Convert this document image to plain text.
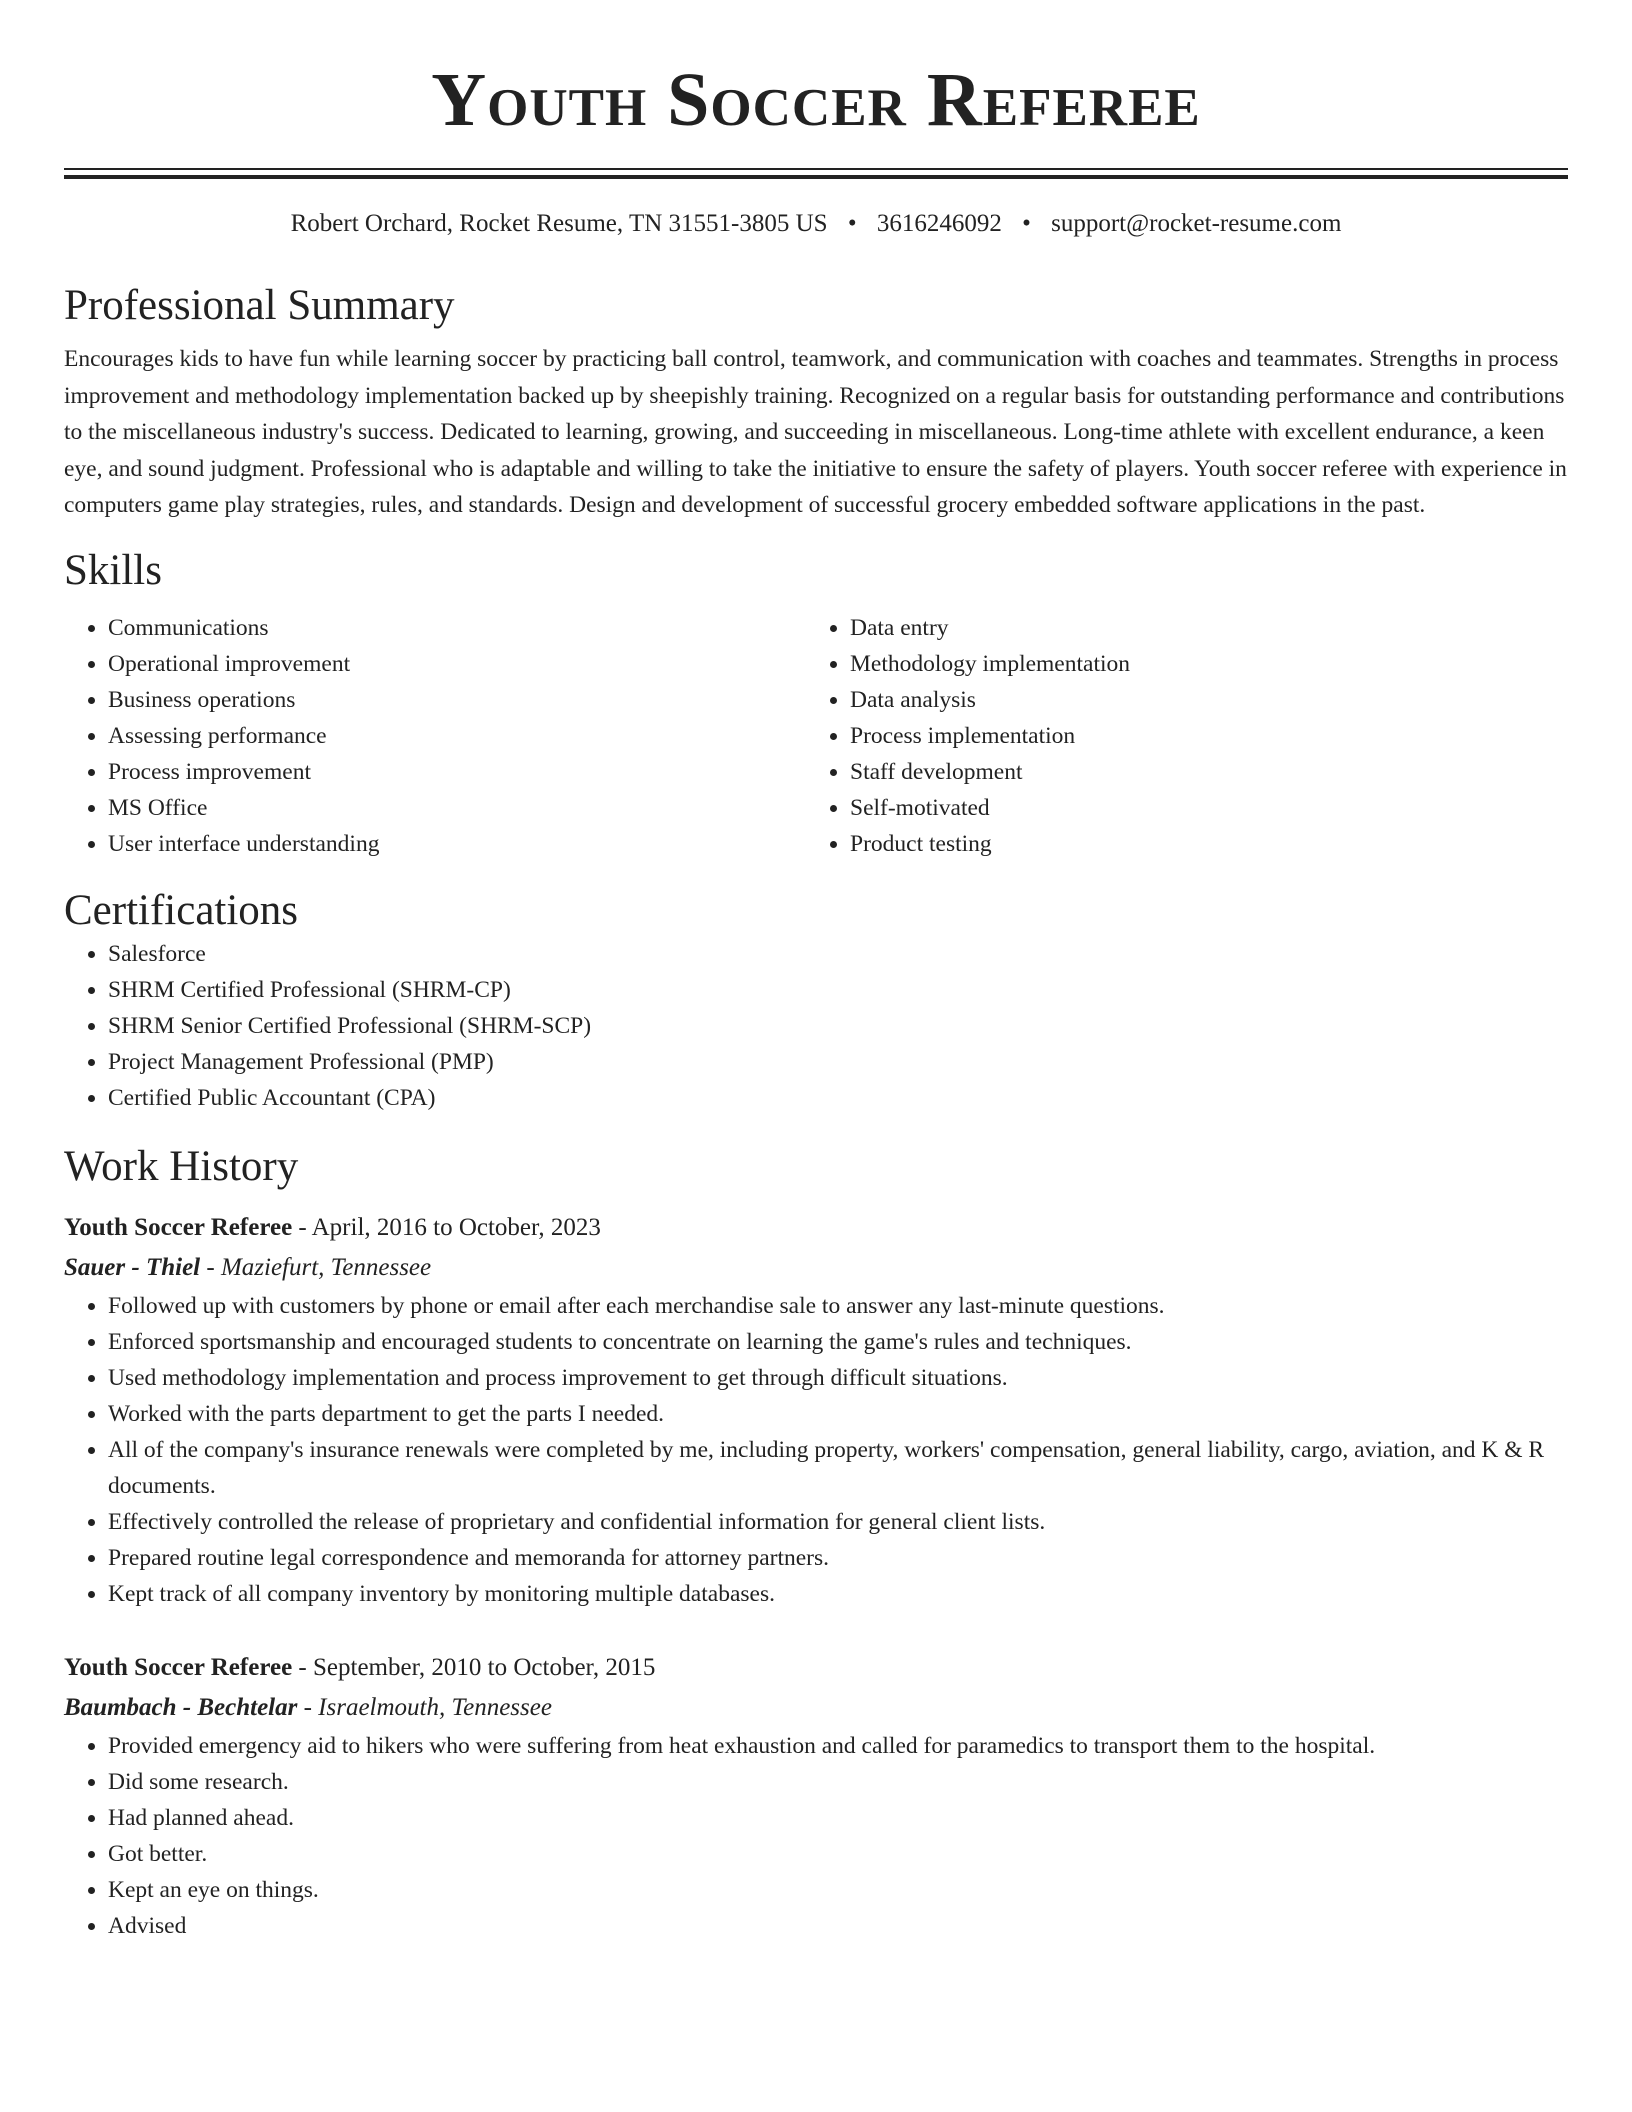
Youth Soccer Referee
Robert Orchard, Rocket Resume, TN 31551-3805 US • 3616246092 • support@rocket-resume.com
Professional Summary

Encourages kids to have fun while learning soccer by practicing ball control, teamwork, and communication with coaches and teammates. Strengths in process improvement and methodology implementation backed up by sheepishly training. Recognized on a regular basis for outstanding performance and contributions to the miscellaneous industry's success. Dedicated to learning, growing, and succeeding in miscellaneous. Long-time athlete with excellent endurance, a keen eye, and sound judgment. Professional who is adaptable and willing to take the initiative to ensure the safety of players. Youth soccer referee with experience in computers game play strategies, rules, and standards. Design and development of successful grocery embedded software applications in the past.

Skills
• Communications
• Operational improvement
• Business operations
• Assessing performance
• Process improvement
• MS Office
• User interface understanding
• Data entry
• Methodology implementation
• Data analysis
• Process implementation
• Staff development
• Self-motivated
• Product testing
Certifications
• Salesforce
• SHRM Certified Professional (SHRM-CP)
• SHRM Senior Certified Professional (SHRM-SCP)
• Project Management Professional (PMP)
• Certified Public Accountant (CPA)
Work History
Youth Soccer Referee - April, 2016 to October, 2023
Sauer - Thiel - Maziefurt, Tennessee
• Followed up with customers by phone or email after each merchandise sale to answer any last-minute questions.
• Enforced sportsmanship and encouraged students to concentrate on learning the game's rules and techniques.
• Used methodology implementation and process improvement to get through difficult situations.
• Worked with the parts department to get the parts I needed.
• All of the company's insurance renewals were completed by me, including property, workers' compensation, general liability, cargo, aviation, and K & R documents.
• Effectively controlled the release of proprietary and confidential information for general client lists.
• Prepared routine legal correspondence and memoranda for attorney partners.
• Kept track of all company inventory by monitoring multiple databases.
Youth Soccer Referee - September, 2010 to October, 2015
Baumbach - Bechtelar - Israelmouth, Tennessee
• Provided emergency aid to hikers who were suffering from heat exhaustion and called for paramedics to transport them to the hospital.
• Did some research.
• Had planned ahead.
• Got better.
• Kept an eye on things.
• Advised
